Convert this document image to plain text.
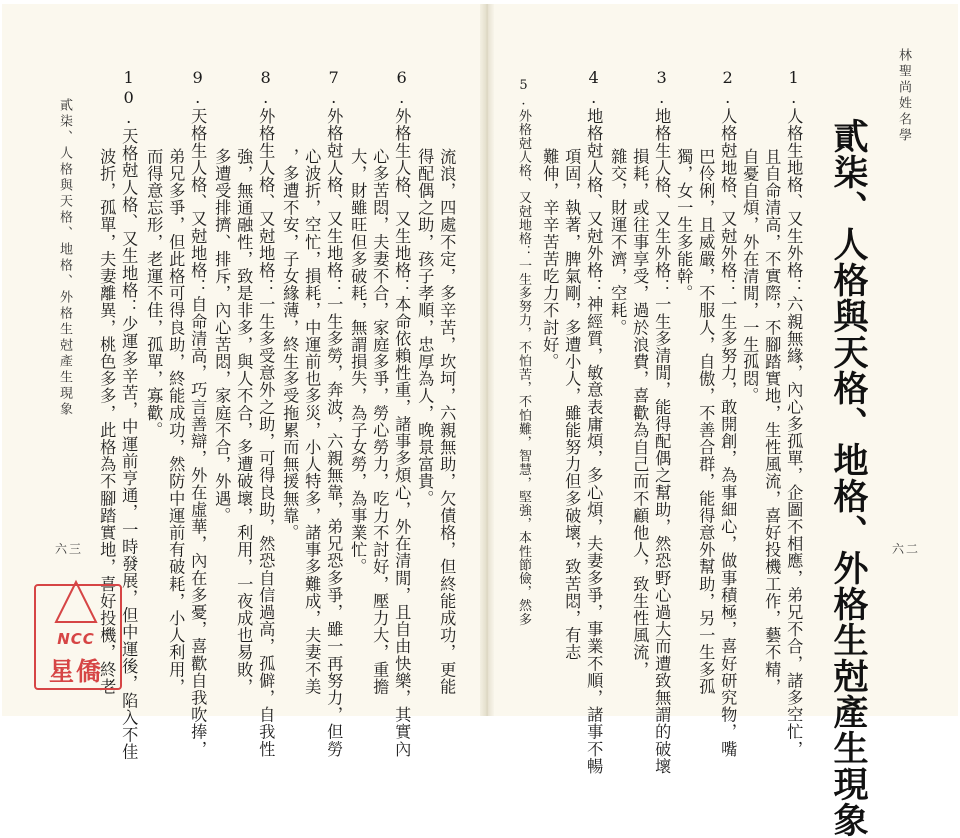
林聖尚姓名學
貳柒、人格與天格、地格、外格生尅產生現象
1.人格生地格、又生外格：六親無緣，內心多孤單，企圖不相應，弟兄不合，諸多空忙，
且自命清高，不實際，不腳踏實地，生性風流，喜好投機工作，藝不精，
自憂自煩，外在清閒，一生孤悶。
2.人格尅地格、又尅外格：一生多努力，敢開創，為事細心，做事積極，喜好研究物，嘴
巴伶俐，且威嚴，不服人，自傲，不善合群，能得意外幫助，另一生多孤
獨，女一生多能幹。
3.地格生人格、又生外格：一生多清閒，能得配偶之幫助，然恐野心過大而遭致無謂的破壞
損耗，或往事享受，過於浪費，喜歡為自己而不顧他人，致生性風流，
雜交，財運不濟，空耗。
4.地格尅人格、又尅外格：神經質，敏意表庸煩，多心煩，夫妻多爭，事業不順，諸事不暢
項固，執著，脾氣剛，多遭小人，雖能努力但多破壞，致苦悶，有志
難伸，辛辛苦苦吃力不討好。
5.外格尅人格、又尅地格：一生多努力，不怕苦，不怕難，智慧，堅強，本性節儉，然多	六二
流浪，四處不定，多辛苦，坎坷，六親無助，欠債格，但終能成功，更能
得配偶之助，孩子孝順，忠厚為人，晚景富貴。
6.外格生人格、又生地格：本命依賴性重，諸事多煩心，外在清閒，且自由快樂，其實內
心多苦悶，夫妻不合，家庭多爭，勞心勞力，吃力不討好，壓力大，重擔
大，財雖旺但多破耗，無謂損失，為子女勞，為事業忙。
7.外格尅人格、又生地格：一生多勞，奔波，六親無靠，弟兄恐多爭，雖一再努力，但勞
心波折，空忙，損耗，中運前也多災，小人特多，諸事多難成，夫妻不美
，多遭不安，子女緣薄，終生多受拖累而無援無靠。
8.外格生人格、又尅地格：一生多受意外之助，可得良助，然恐自信過高，孤僻，自我性
強，無通融性，致是非多，與人不合，多遭破壞，利用，一夜成也易敗，
多遭受排擠、排斥，內心苦悶，家庭不合，外遇。
9.天格生人格、又尅地格：自命清高，巧言善辯，外在虛華，內在多憂，喜歡自我吹捧，
弟兄多爭，但此格可得良助，終能成功，然防中運前有破耗，小人利用，
而得意忘形，老運不佳，孤單，寡歡。
10.天格尅人格、又生地格：少運多辛苦，中運前亨通，一時發展，但中運後，陷入不佳
波折，孤單，夫妻離異，桃色多多，此格為不腳踏實地，喜好投機，終老
貳柒、人格與天格、地格、外格生尅產生現象
六三
NCC
星僑
